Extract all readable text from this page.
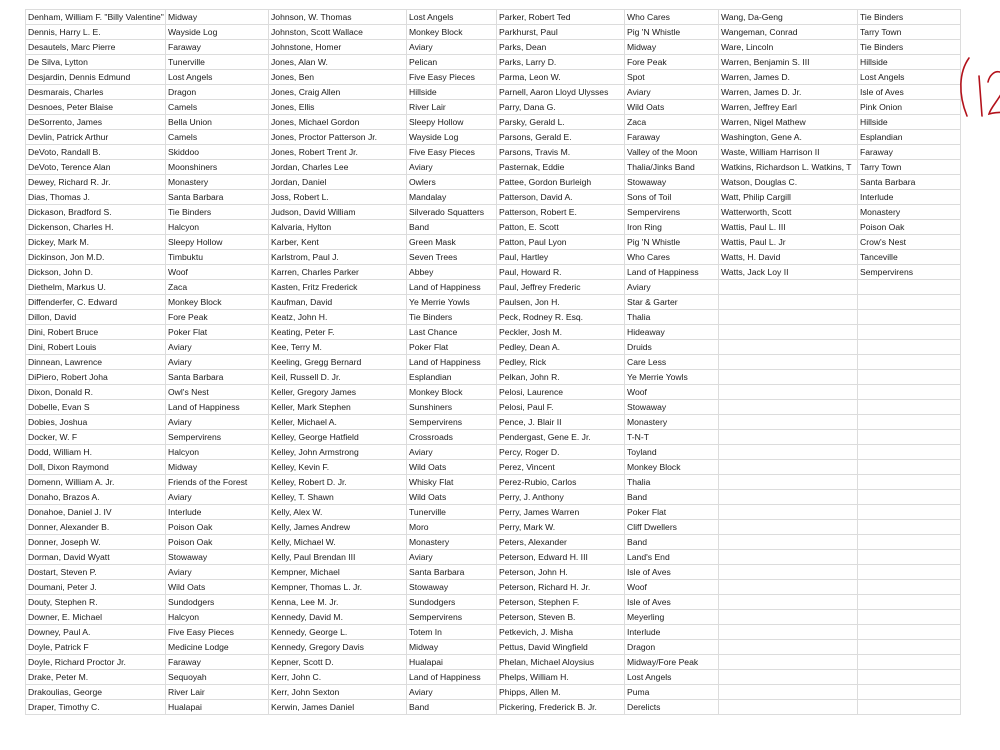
Denham, William F. "Billy Valentine"	Midway	Johnson, W. Thomas	Lost Angels	Parker, Robert Ted	Who Cares	Wang, Da-Geng	Tie Binders
Dennis, Harry L. E.	Wayside Log	Johnston, Scott Wallace	Monkey Block	Parkhurst, Paul	Pig 'N Whistle	Wangeman, Conrad	Tarry Town
Desautels, Marc Pierre	Faraway	Johnstone, Homer	Aviary	Parks, Dean	Midway	Ware, Lincoln	Tie Binders
De Silva, Lytton	Tunerville	Jones, Alan W.	Pelican	Parks, Larry D.	Fore Peak	Warren, Benjamin S. III	Hillside
Desjardin, Dennis Edmund	Lost Angels	Jones, Ben	Five Easy Pieces	Parma, Leon W.	Spot	Warren, James D.	Lost Angels
Desmarais, Charles	Dragon	Jones, Craig Allen	Hillside	Parnell, Aaron Lloyd Ulysses	Aviary	Warren, James D. Jr.	Isle of Aves
Desnoes, Peter Blaise	Camels	Jones, Ellis	River Lair	Parry, Dana G.	Wild Oats	Warren, Jeffrey Earl	Pink Onion
DeSorrento, James	Bella Union	Jones, Michael Gordon	Sleepy Hollow	Parsky, Gerald L.	Zaca	Warren, Nigel Mathew	Hillside
Devlin, Patrick Arthur	Camels	Jones, Proctor Patterson Jr.	Wayside Log	Parsons, Gerald E.	Faraway	Washington, Gene A.	Esplandian
DeVoto, Randall B.	Skiddoo	Jones, Robert Trent Jr.	Five Easy Pieces	Parsons, Travis M.	Valley of the Moon	Waste, William Harrison II	Faraway
DeVoto, Terence Alan	Moonshiners	Jordan, Charles Lee	Aviary	Pasternak, Eddie	Thalia/Jinks Band	Watkins, Richardson L. Watkins, T	Tarry Town
Dewey, Richard R. Jr.	Monastery	Jordan, Daniel	Owlers	Pattee, Gordon Burleigh	Stowaway	Watson, Douglas C.	Santa Barbara
Dias, Thomas J.	Santa Barbara	Joss, Robert L.	Mandalay	Patterson, David A.	Sons of Toil	Watt, Philip Cargill	Interlude
Dickason, Bradford S.	Tie Binders	Judson, David William	Silverado Squatters	Patterson, Robert E.	Sempervirens	Watterworth, Scott	Monastery
Dickenson, Charles H.	Halcyon	Kalvaria, Hylton	Band	Patton, E. Scott	Iron Ring	Wattis, Paul L. III	Poison Oak
Dickey, Mark M.	Sleepy Hollow	Karber, Kent	Green Mask	Patton, Paul Lyon	Pig 'N Whistle	Wattis, Paul L. Jr	Crow's Nest
Dickinson, Jon M.D.	Timbuktu	Karlstrom, Paul J.	Seven Trees	Paul, Hartley	Who Cares	Watts, H. David	Tanceville
Dickson, John D.	Woof	Karren, Charles Parker	Abbey	Paul, Howard R.	Land of Happiness	Watts, Jack Loy II	Sempervirens
Diethelm, Markus U.	Zaca	Kasten, Fritz Frederick	Land of Happiness	Paul, Jeffrey Frederic	Aviary		
Diffenderfer, C. Edward	Monkey Block	Kaufman, David	Ye Merrie Yowls	Paulsen, Jon H.	Star & Garter		
Dillon, David	Fore Peak	Keatz, John H.	Tie Binders	Peck, Rodney R. Esq.	Thalia		
Dini, Robert Bruce	Poker Flat	Keating, Peter F.	Last Chance	Peckler, Josh M.	Hideaway		
Dini, Robert Louis	Aviary	Kee, Terry M.	Poker Flat	Pedley, Dean A.	Druids		
Dinnean, Lawrence	Aviary	Keeling, Gregg Bernard	Land of Happiness	Pedley, Rick	Care Less		
DiPiero, Robert Joha	Santa Barbara	Keil, Russell D. Jr.	Esplandian	Pelkan, John R.	Ye Merrie Yowls		
Dixon, Donald R.	Owl's Nest	Keller, Gregory James	Monkey Block	Pelosi, Laurence	Woof		
Dobelle, Evan S	Land of Happiness	Keller, Mark Stephen	Sunshiners	Pelosi, Paul F.	Stowaway		
Dobies, Joshua	Aviary	Keller, Michael A.	Sempervirens	Pence, J. Blair II	Monastery		
Docker, W. F	Sempervirens	Kelley, George Hatfield	Crossroads	Pendergast, Gene E. Jr.	T-N-T		
Dodd, William H.	Halcyon	Kelley, John Armstrong	Aviary	Percy, Roger D.	Toyland		
Doll, Dixon Raymond	Midway	Kelley, Kevin F.	Wild Oats	Perez, Vincent	Monkey Block		
Domenn, William A. Jr.	Friends of the Forest	Kelley, Robert D. Jr.	Whisky Flat	Perez-Rubio, Carlos	Thalia		
Donaho, Brazos A.	Aviary	Kelley, T. Shawn	Wild Oats	Perry, J. Anthony	Band		
Donahoe, Daniel J. IV	Interlude	Kelly, Alex W.	Tunerville	Perry, James Warren	Poker Flat		
Donner, Alexander B.	Poison Oak	Kelly, James Andrew	Moro	Perry, Mark W.	Cliff Dwellers		
Donner, Joseph W.	Poison Oak	Kelly, Michael W.	Monastery	Peters, Alexander	Band		
Dorman, David Wyatt	Stowaway	Kelly, Paul Brendan III	Aviary	Peterson, Edward H. III	Land's End		
Dostart, Steven P.	Aviary	Kempner, Michael	Santa Barbara	Peterson, John H.	Isle of Aves		
Doumani, Peter J.	Wild Oats	Kempner, Thomas L. Jr.	Stowaway	Peterson, Richard H. Jr.	Woof		
Douty, Stephen R.	Sundodgers	Kenna, Lee M. Jr.	Sundodgers	Peterson, Stephen F.	Isle of Aves		
Downer, E. Michael	Halcyon	Kennedy, David M.	Sempervirens	Peterson, Steven B.	Meyerling		
Downey, Paul A.	Five Easy Pieces	Kennedy, George L.	Totem In	Petkevich, J. Misha	Interlude		
Doyle, Patrick F	Medicine Lodge	Kennedy, Gregory Davis	Midway	Pettus, David Wingfield	Dragon		
Doyle, Richard Proctor Jr.	Faraway	Kepner, Scott D.	Hualapai	Phelan, Michael Aloysius	Midway/Fore Peak		
Drake, Peter M.	Sequoyah	Kerr, John C.	Land of Happiness	Phelps, William H.	Lost Angels		
Drakoulias, George	River Lair	Kerr, John Sexton	Aviary	Phipps, Allen M.	Puma		
Draper, Timothy C.	Hualapai	Kerwin, James Daniel	Band	Pickering, Frederick B. Jr.	Derelicts		
